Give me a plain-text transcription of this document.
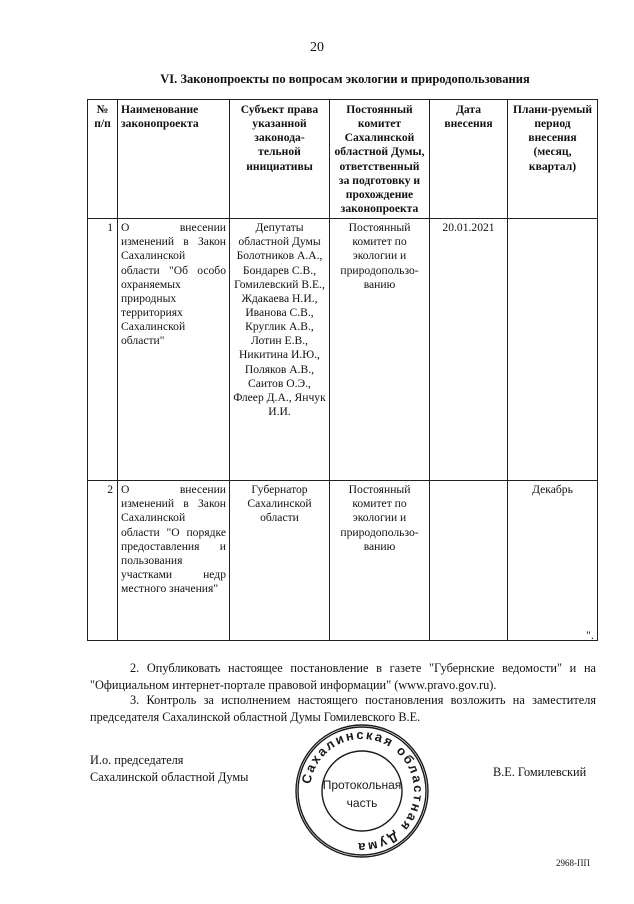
20
VI. Законопроекты по вопросам экологии и природопользования
№ п/п	Наименование законопроекта	Субъект права указанной законода-тельной инициативы	Постоянный комитет Сахалинской областной Думы, ответственный за подготовку и прохождение законопроекта	Дата внесения	Плани-руемый период внесения (месяц, квартал)
1	О внесении изменений в Закон Сахалинской области "Об особо охраняемых природных территориях Сахалинской области"	Депутаты областной Думы Болотников А.А., Бондарев С.В., Гомилевский В.Е., Ждакаева Н.И., Иванова С.В., Круглик А.В., Лотин Е.В., Никитина И.Ю., Поляков А.В., Саитов О.Э., Флеер Д.А., Янчук И.И.	Постоянный комитет по экологии и природопользо-ванию	20.01.2021	
2	О внесении изменений в Закон Сахалинской области "О порядке предоставления и пользования участками недр местного значения"	Губернатор Сахалинской области	Постоянный комитет по экологии и природопользо-ванию		Декабрь
".
2. Опубликовать настоящее постановление в газете "Губернские ведомости" и на "Официальном интернет-портале правовой информации" (www.pravo.gov.ru).
3. Контроль за исполнением настоящего постановления возложить на заместителя председателя Сахалинской областной Думы Гомилевского В.Е.
И.о. председателя
Сахалинской областной Думы	В.Е. Гомилевский
Сахалинская областная Дума
Протокольная
часть
2968-ПП
